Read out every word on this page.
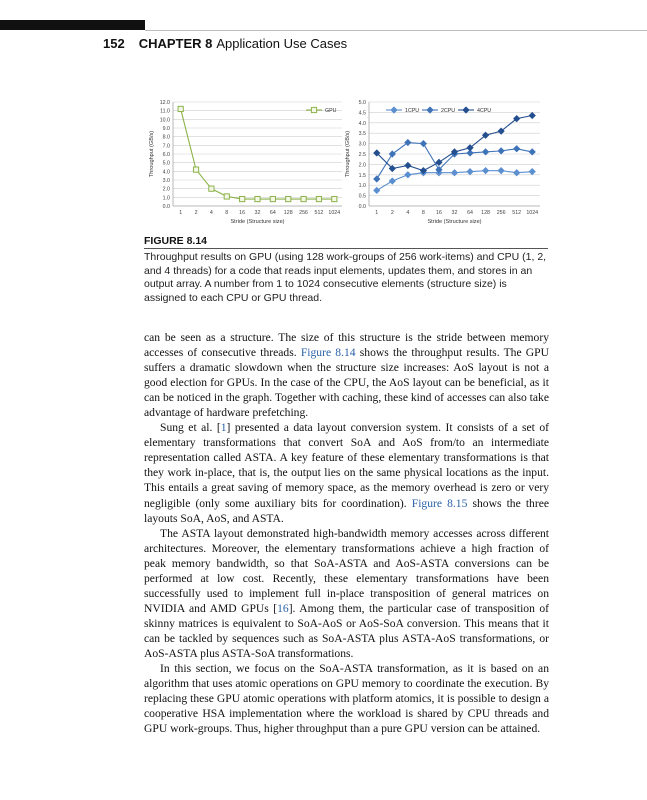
152 CHAPTER 8 Application Use Cases
0.0
1.0
2.0
3.0
4.0
5.0
6.0
7.0
8.0
9.0
10.0
11.0
12.0
1 2 4 8 16 32 64 128 256 512 1024
Stride (Structure size)
Throughput (GB/s)
GPU
0.0
0.5
1.0
1.5
2.0
2.5
3.0
3.5
4.0
4.5
5.0
1 2 4 8 16 32 64 128 256 512 1024
Stride (Structure size)
Throughput (GB/s)
1CPU	2CPU	4CPU
FIGURE 8.14
Throughput results on GPU (using 128 work-groups of 256 work-items) and CPU (1, 2, and 4 threads) for a code that reads input elements, updates them, and stores in an output array. A number from 1 to 1024 consecutive elements (structure size) is assigned to each CPU or GPU thread.

can be seen as a structure. The size of this structure is the stride between memory accesses of consecutive threads. Figure 8.14 shows the throughput results. The GPU suffers a dramatic slowdown when the structure size increases: AoS layout is not a good election for GPUs. In the case of the CPU, the AoS layout can be beneficial, as it can be noticed in the graph. Together with caching, these kind of accesses can also take advantage of hardware prefetching.

Sung et al. [1] presented a data layout conversion system. It consists of a set of elementary transformations that convert SoA and AoS from/to an intermediate representation called ASTA. A key feature of these elementary transformations is that they work in-place, that is, the output lies on the same physical locations as the input. This entails a great saving of memory space, as the memory overhead is zero or very negligible (only some auxiliary bits for coordination). Figure 8.15 shows the three layouts SoA, AoS, and ASTA.

The ASTA layout demonstrated high-bandwidth memory accesses across different architectures. Moreover, the elementary transformations achieve a high fraction of peak memory bandwidth, so that SoA-ASTA and AoS-ASTA conversions can be performed at low cost. Recently, these elementary transformations have been successfully used to implement full in-place transposition of general matrices on NVIDIA and AMD GPUs [16]. Among them, the particular case of transposition of skinny matrices is equivalent to SoA-AoS or AoS-SoA conversion. This means that it can be tackled by sequences such as SoA-ASTA plus ASTA-AoS transformations, or AoS-ASTA plus ASTA-SoA transformations.

In this section, we focus on the SoA-ASTA transformation, as it is based on an algorithm that uses atomic operations on GPU memory to coordinate the execution. By replacing these GPU atomic operations with platform atomics, it is possible to design a cooperative HSA implementation where the workload is shared by CPU threads and GPU work-groups. Thus, higher throughput than a pure GPU version can be attained.
